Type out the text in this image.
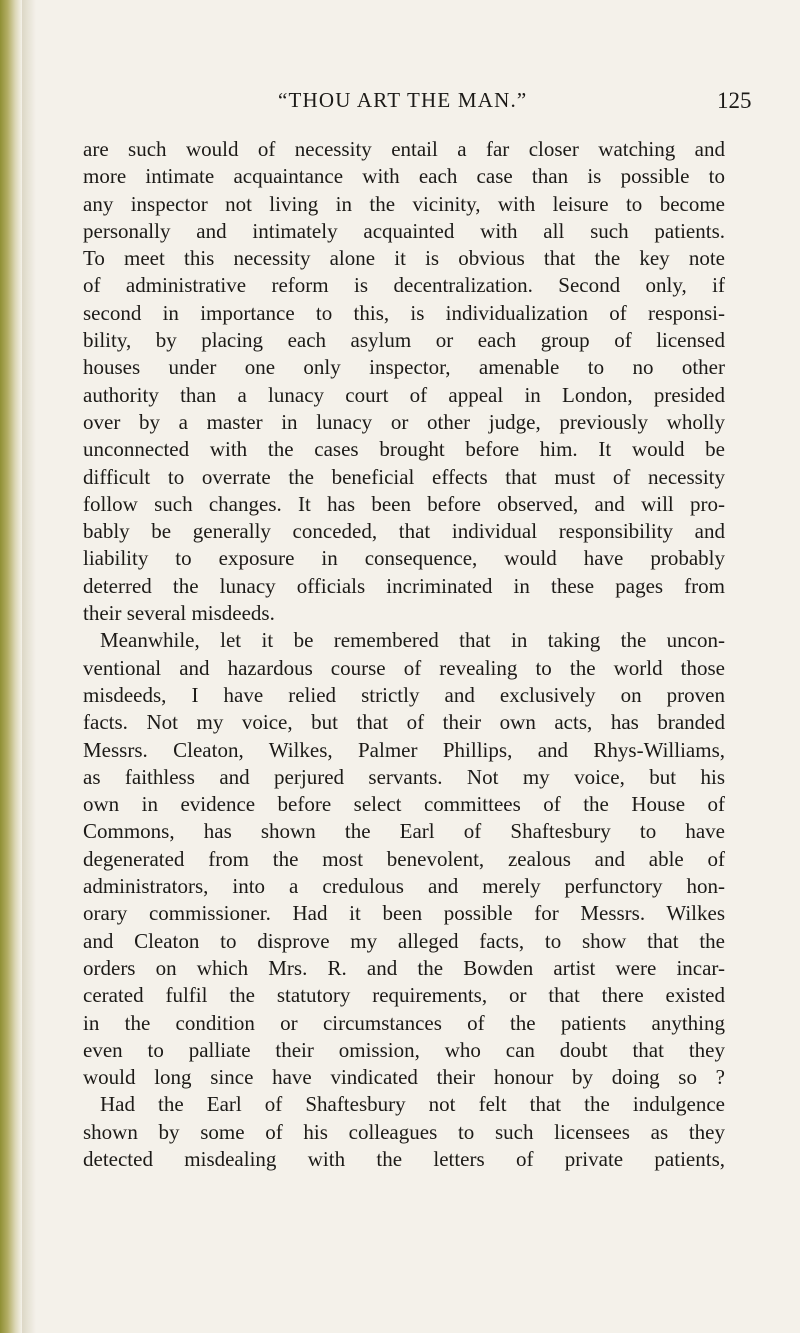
“THOU ART THE MAN.”	125
are such would of necessity entail a far closer watching and
more intimate acquaintance with each case than is possible to
any inspector not living in the vicinity, with leisure to become
personally and intimately acquainted with all such patients.
To meet this necessity alone it is obvious that the key note
of administrative reform is decentralization. Second only, if
second in importance to this, is individualization of responsi-
bility, by placing each asylum or each group of licensed
houses under one only inspector, amenable to no other
authority than a lunacy court of appeal in London, presided
over by a master in lunacy or other judge, previously wholly
unconnected with the cases brought before him. It would be
difficult to overrate the beneficial effects that must of necessity
follow such changes. It has been before observed, and will pro-
bably be generally conceded, that individual responsibility and
liability to exposure in consequence, would have probably
deterred the lunacy officials incriminated in these pages from
their several misdeeds.
Meanwhile, let it be remembered that in taking the uncon-
ventional and hazardous course of revealing to the world those
misdeeds, I have relied strictly and exclusively on proven
facts. Not my voice, but that of their own acts, has branded
Messrs. Cleaton, Wilkes, Palmer Phillips, and Rhys-Williams,
as faithless and perjured servants. Not my voice, but his
own in evidence before select committees of the House of
Commons, has shown the Earl of Shaftesbury to have
degenerated from the most benevolent, zealous and able of
administrators, into a credulous and merely perfunctory hon-
orary commissioner. Had it been possible for Messrs. Wilkes
and Cleaton to disprove my alleged facts, to show that the
orders on which Mrs. R. and the Bowden artist were incar-
cerated fulfil the statutory requirements, or that there existed
in the condition or circumstances of the patients anything
even to palliate their omission, who can doubt that they
would long since have vindicated their honour by doing so ?
Had the Earl of Shaftesbury not felt that the indulgence
shown by some of his colleagues to such licensees as they
detected misdealing with the letters of private patients,
